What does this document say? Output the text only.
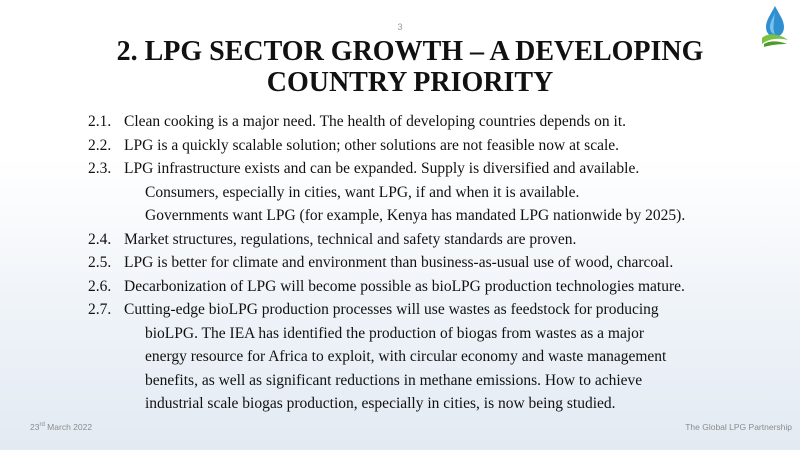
3
2. LPG SECTOR GROWTH – A DEVELOPING
COUNTRY PRIORITY
2.1. Clean cooking is a major need. The health of developing countries depends on it.
2.2. LPG is a quickly scalable solution; other solutions are not feasible now at scale.
2.3. LPG infrastructure exists and can be expanded. Supply is diversified and available.
Consumers, especially in cities, want LPG, if and when it is available.
Governments want LPG (for example, Kenya has mandated LPG nationwide by 2025).
2.4. Market structures, regulations, technical and safety standards are proven.
2.5. LPG is better for climate and environment than business-as-usual use of wood, charcoal.
2.6. Decarbonization of LPG will become possible as bioLPG production technologies mature.
2.7. Cutting-edge bioLPG production processes will use wastes as feedstock for producing
bioLPG. The IEA has identified the production of biogas from wastes as a major
energy resource for Africa to exploit, with circular economy and waste management
benefits, as well as significant reductions in methane emissions. How to achieve
industrial scale biogas production, especially in cities, is now being studied.
23rd March 2022	The Global LPG Partnership
